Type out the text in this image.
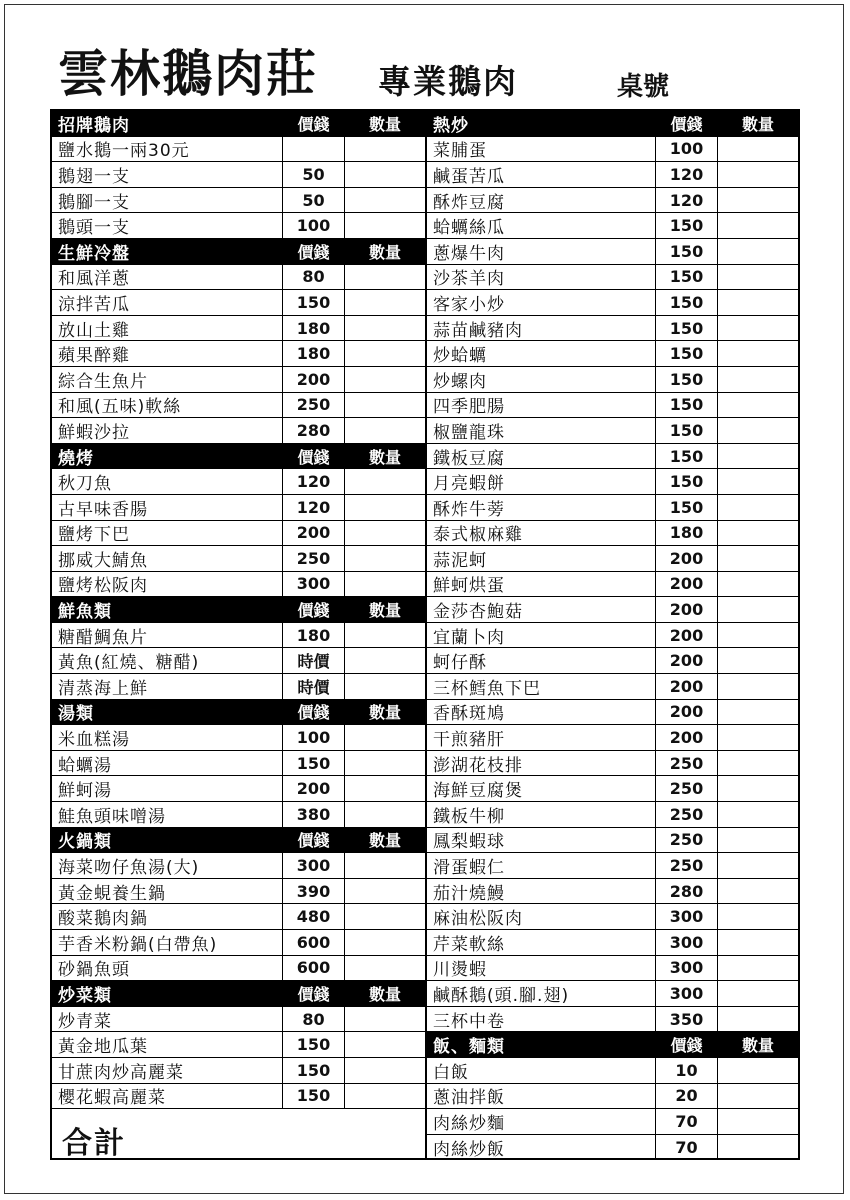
雲林鵝肉莊 專業鵝肉	桌號
招牌鵝肉	價錢	數量
鹽水鵝一兩30元
鵝翅一支	50
鵝腳一支	50
鵝頭一支	100
生鮮冷盤	價錢	數量
和風洋蔥	80
涼拌苦瓜	150
放山土雞	180
蘋果醉雞	180
綜合生魚片	200
和風(五味)軟絲	250
鮮蝦沙拉	280
燒烤	價錢	數量
秋刀魚	120
古早味香腸	120
鹽烤下巴	200
挪威大鯖魚	250
鹽烤松阪肉	300
鮮魚類	價錢	數量
糖醋鯛魚片	180
黃魚(紅燒、糖醋)	時價
清蒸海上鮮	時價
湯類	價錢	數量
米血糕湯	100
蛤蠣湯	150
鮮蚵湯	200
鮭魚頭味噌湯	380
火鍋類	價錢	數量
海菜吻仔魚湯(大)	300
黃金蜆養生鍋	390
酸菜鵝肉鍋	480
芋香米粉鍋(白帶魚)	600
砂鍋魚頭	600
炒菜類	價錢	數量
炒青菜	80
黃金地瓜葉	150
甘蔗肉炒高麗菜	150
櫻花蝦高麗菜	150
熱炒	價錢	數量
菜脯蛋	100
鹹蛋苦瓜	120
酥炸豆腐	120
蛤蠣絲瓜	150
蔥爆牛肉	150
沙茶羊肉	150
客家小炒	150
蒜苗鹹豬肉	150
炒蛤蠣	150
炒螺肉	150
四季肥腸	150
椒鹽龍珠	150
鐵板豆腐	150
月亮蝦餅	150
酥炸牛蒡	150
泰式椒麻雞	180
蒜泥蚵	200
鮮蚵烘蛋	200
金莎杏鮑菇	200
宜蘭卜肉	200
蚵仔酥	200
三杯鱈魚下巴	200
香酥斑鳩	200
干煎豬肝	200
澎湖花枝排	250
海鮮豆腐煲	250
鐵板牛柳	250
鳳梨蝦球	250
滑蛋蝦仁	250
茄汁燒鰻	280
麻油松阪肉	300
芹菜軟絲	300
川燙蝦	300
鹹酥鵝(頭.腳.翅)	300
三杯中卷	350
飯、麵類	價錢	數量
白飯	10
蔥油拌飯	20
肉絲炒麵	70
肉絲炒飯	70
合計
